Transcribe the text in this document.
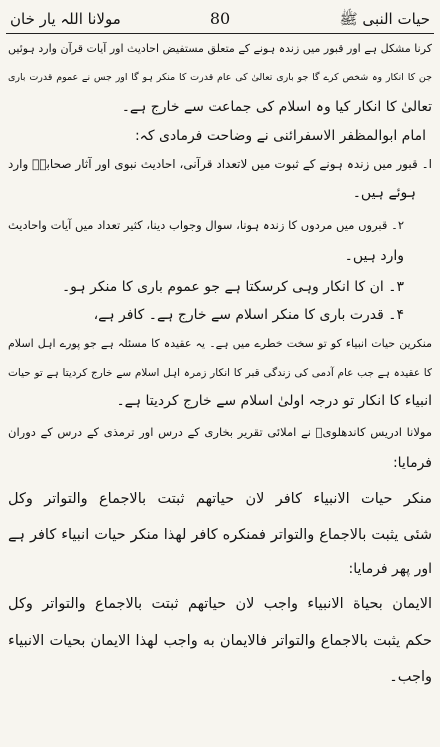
حیات النبی ﷺ
80
مولانا اللہ یار خان
کرنا مشکل ہے اور قبور میں زندہ ہونے کے متعلق مستفیض احادیث اور آیات قرآن وارد ہوئیں
جن کا انکار وہ شخص کرے گا جو باری تعالیٰ کی عام قدرت کا منکر ہو گا اور جس نے عموم قدرت باری
تعالیٰ کا انکار کیا وہ اسلام کی جماعت سے خارج ہے۔
امام ابوالمظفر الاسفرائنی نے وضاحت فرمادی کہ:
ا۔ قبور میں زندہ ہونے کے ثبوت میں لاتعداد قرآنی، احادیث نبوی اور آثار صحابہؓ وارد
ہوئے ہیں۔
۲۔ قبروں میں مردوں کا زندہ ہونا، سوال وجواب دینا، کثیر تعداد میں آیات واحادیث
وارد ہیں۔
۳۔ ان کا انکار وہی کرسکتا ہے جو عموم باری کا منکر ہو۔
۴۔ قدرت باری کا منکر اسلام سے خارج ہے۔ کافر ہے،
منکرین حیات انبیاء کو تو سخت خطرے میں ہے۔ یہ عقیدہ کا مسئلہ ہے جو پورے اہل اسلام
کا عقیدہ ہے جب عام آدمی کی زندگی قبر کا انکار زمرہ اہل اسلام سے خارج کردیتا ہے تو حیات
انبیاء کا انکار تو درجہ اولیٰ اسلام سے خارج کردیتا ہے۔
مولانا ادریس کاندھلویؒ نے املائی تقریر بخاری کے درس اور ترمذی کے درس کے دوران
فرمایا:
منکر حیات الانبیاء کافر لان حیاتهم ثبتت بالاجماع والتواتر وکل
شئی یثبت بالاجماع والتواتر فمنکره کافر لهذا منکر حیات انبیاء کافر ہے
اور پھر فرمایا:
الایمان بحیاة الانبیاء واجب لان حیاتهم ثبتت بالاجماع والتواتر وکل
حکم یثبت بالاجماع والتواتر فالایمان به واجب لهذا الایمان بحیات الانبیاء
واجب۔
